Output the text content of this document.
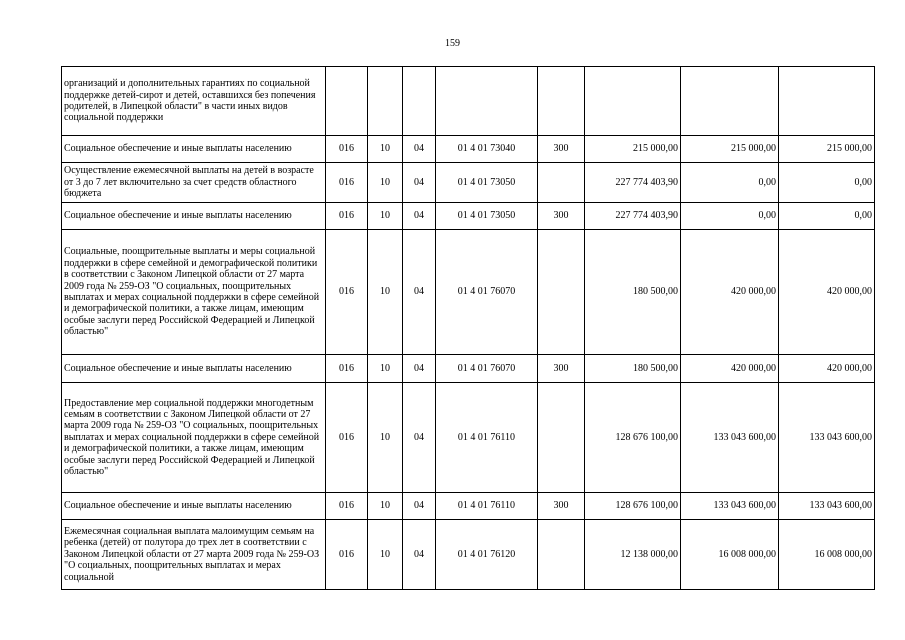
159
организаций и дополнительных гарантиях по социальной поддержке детей-сирот и детей, оставшихся без попечения родителей, в Липецкой области" в части иных видов социальной поддержки								
Социальное обеспечение и иные выплаты населению	016	10	04	01 4 01 73040	300	215 000,00	215 000,00	215 000,00
Осуществление ежемесячной выплаты на детей в возрасте от 3 до 7 лет включительно за счет средств областного бюджета	016	10	04	01 4 01 73050		227 774 403,90	0,00	0,00
Социальное обеспечение и иные выплаты населению	016	10	04	01 4 01 73050	300	227 774 403,90	0,00	0,00
Социальные, поощрительные выплаты и меры социальной поддержки в сфере семейной и демографической политики в соответствии с Законом Липецкой области от 27 марта 2009 года № 259-ОЗ "О социальных, поощрительных выплатах и мерах социальной поддержки в сфере семейной и демографической политики, а также лицам, имеющим особые заслуги перед Российской Федерацией и Липецкой областью"	016	10	04	01 4 01 76070		180 500,00	420 000,00	420 000,00
Социальное обеспечение и иные выплаты населению	016	10	04	01 4 01 76070	300	180 500,00	420 000,00	420 000,00
Предоставление мер социальной поддержки многодетным семьям в соответствии с Законом Липецкой области от 27 марта 2009 года № 259-ОЗ "О социальных, поощрительных выплатах и мерах социальной поддержки в сфере семейной и демографической политики, а также лицам, имеющим особые заслуги перед Российской Федерацией и Липецкой областью"	016	10	04	01 4 01 76110		128 676 100,00	133 043 600,00	133 043 600,00
Социальное обеспечение и иные выплаты населению	016	10	04	01 4 01 76110	300	128 676 100,00	133 043 600,00	133 043 600,00
Ежемесячная социальная выплата малоимущим семьям на ребенка (детей) от полутора до трех лет в соответствии с Законом Липецкой области от 27 марта 2009 года № 259-ОЗ "О социальных, поощрительных выплатах и мерах социальной	016	10	04	01 4 01 76120		12 138 000,00	16 008 000,00	16 008 000,00
